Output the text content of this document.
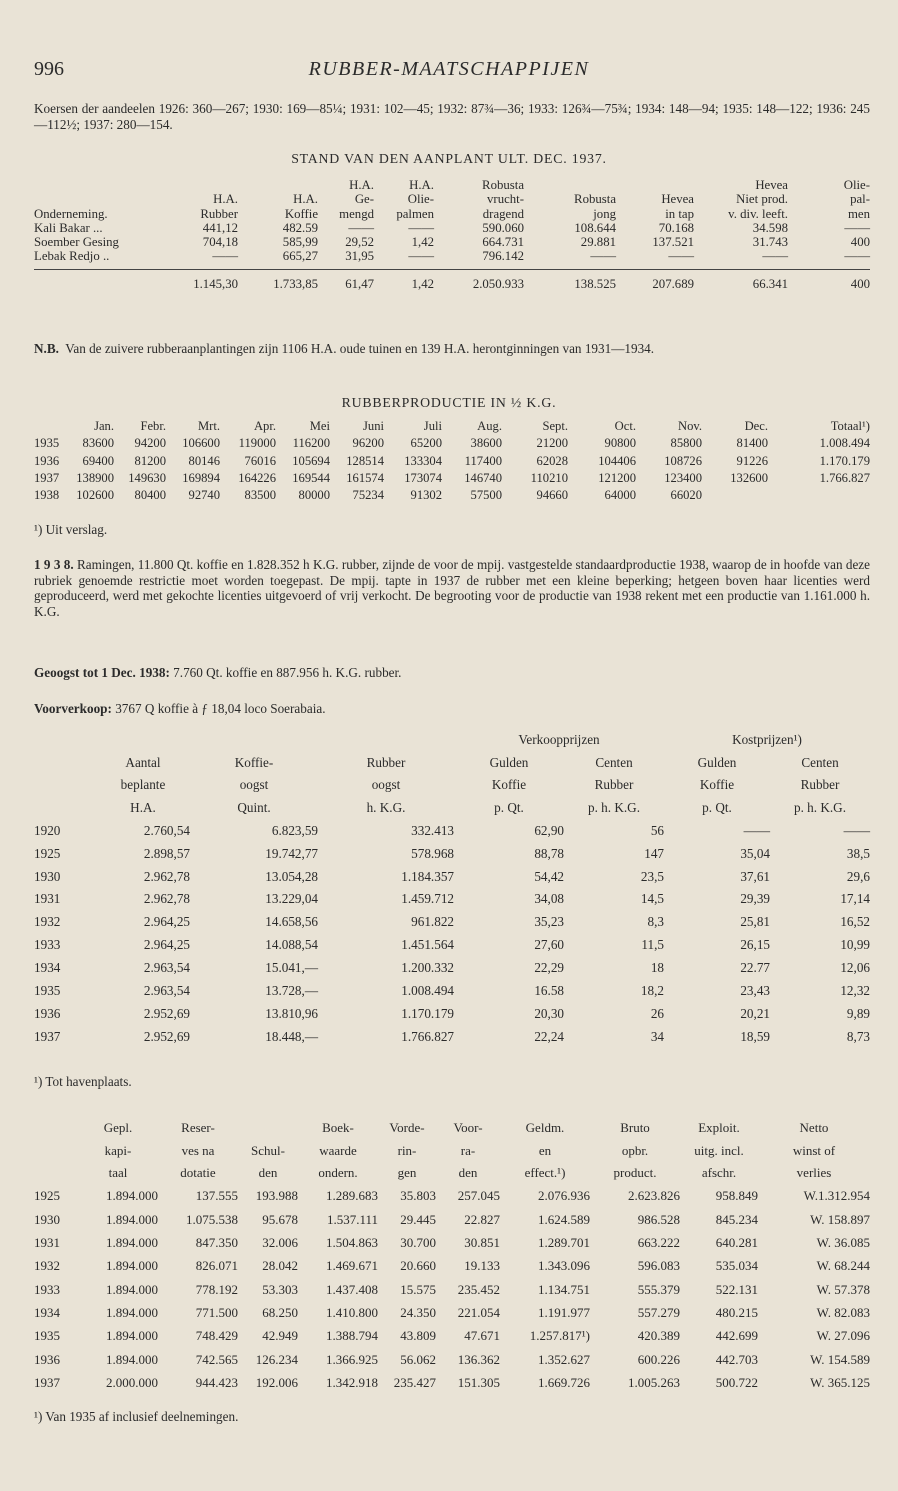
996	RUBBER-MAATSCHAPPIJEN
Koersen der aandeelen 1926: 360—267; 1930: 169—85¼; 1931: 102—45; 1932: 87¾—36; 1933: 126¾—75¾; 1934: 148—94; 1935: 148—122; 1936: 245—112½; 1937: 280—154.
STAND VAN DEN AANPLANT ULT. DEC. 1937.
			H.A.	H.A.	Robusta			Hevea	Olie-
	H.A.	H.A.	Ge-	Olie-	vrucht-	Robusta	Hevea	Niet prod.	pal-
Onderneming.	Rubber	Koffie	mengd	palmen	dragend	jong	in tap	v. div. leeft.	men
Kali Bakar ...	441,12	482.59	——	——	590.060	108.644	70.168	34.598	——
Soember Gesing	704,18	585,99	29,52	1,42	664.731	29.881	137.521	31.743	400
Lebak Redjo ..	——	665,27	31,95	——	796.142	——	——	——	——

	1.145,30	1.733,85	61,47	1,42	2.050.933	138.525	207.689	66.341	400
N.B. Van de zuivere rubberaanplantingen zijn 1106 H.A. oude tuinen en 139 H.A. herontginningen van 1931—1934.
RUBBERPRODUCTIE IN ½ K.G.
	Jan.	Febr.	Mrt.	Apr.	Mei	Juni	Juli	Aug.	Sept.	Oct.	Nov.	Dec.	Totaal¹)
1935	83600	94200	106600	119000	116200	96200	65200	38600	21200	90800	85800	81400	1.008.494
1936	69400	81200	80146	76016	105694	128514	133304	117400	62028	104406	108726	91226	1.170.179
1937	138900	149630	169894	164226	169544	161574	173074	146740	110210	121200	123400	132600	1.766.827
1938	102600	80400	92740	83500	80000	75234	91302	57500	94660	64000	66020		
¹) Uit verslag.
1 9 3 8. Ramingen, 11.800 Qt. koffie en 1.828.352 h K.G. rubber, zijnde de voor de mpij. vastgestelde standaardproductie 1938, waarop de in hoofde van deze rubriek genoemde restrictie moet worden toegepast. De mpij. tapte in 1937 de rubber met een kleine beperking; hetgeen boven haar licenties werd geproduceerd, werd met gekochte licenties uitgevoerd of vrij verkocht. De begrooting voor de productie van 1938 rekent met een productie van 1.161.000 h. K.G.
Geoogst tot 1 Dec. 1938: 7.760 Qt. koffie en 887.956 h. K.G. rubber.
Voorverkoop: 3767 Q koffie à ƒ 18,04 loco Soerabaia.
				Verkoopprijzen		Kostprijzen¹)	
	Aantal	Koffie-	Rubber	Gulden	Centen	Gulden	Centen
	beplante	oogst	oogst	Koffie	Rubber	Koffie	Rubber
	H.A.	Quint.	h. K.G.	p. Qt.	p. h. K.G.	p. Qt.	p. h. K.G.
1920	2.760,54	6.823,59	332.413	62,90	56	——	——
1925	2.898,57	19.742,77	578.968	88,78	147	35,04	38,5
1930	2.962,78	13.054,28	1.184.357	54,42	23,5	37,61	29,6
1931	2.962,78	13.229,04	1.459.712	34,08	14,5	29,39	17,14
1932	2.964,25	14.658,56	961.822	35,23	8,3	25,81	16,52
1933	2.964,25	14.088,54	1.451.564	27,60	11,5	26,15	10,99
1934	2.963,54	15.041,—	1.200.332	22,29	18	22.77	12,06
1935	2.963,54	13.728,—	1.008.494	16.58	18,2	23,43	12,32
1936	2.952,69	13.810,96	1.170.179	20,30	26	20,21	9,89
1937	2.952,69	18.448,—	1.766.827	22,24	34	18,59	8,73
¹) Tot havenplaats.
	Gepl.	Reser-		Boek-	Vorde-	Voor-	Geldm.	Bruto	Exploit.	Netto
	kapi-	ves na	Schul-	waarde	rin-	ra-	en	opbr.	uitg. incl.	winst of
	taal	dotatie	den	ondern.	gen	den	effect.¹)	product.	afschr.	verlies
1925	1.894.000	137.555	193.988	1.289.683	35.803	257.045	2.076.936	2.623.826	958.849	W.1.312.954
1930	1.894.000	1.075.538	95.678	1.537.111	29.445	22.827	1.624.589	986.528	845.234	W. 158.897
1931	1.894.000	847.350	32.006	1.504.863	30.700	30.851	1.289.701	663.222	640.281	W. 36.085
1932	1.894.000	826.071	28.042	1.469.671	20.660	19.133	1.343.096	596.083	535.034	W. 68.244
1933	1.894.000	778.192	53.303	1.437.408	15.575	235.452	1.134.751	555.379	522.131	W. 57.378
1934	1.894.000	771.500	68.250	1.410.800	24.350	221.054	1.191.977	557.279	480.215	W. 82.083
1935	1.894.000	748.429	42.949	1.388.794	43.809	47.671	1.257.817¹)	420.389	442.699	W. 27.096
1936	1.894.000	742.565	126.234	1.366.925	56.062	136.362	1.352.627	600.226	442.703	W. 154.589
1937	2.000.000	944.423	192.006	1.342.918	235.427	151.305	1.669.726	1.005.263	500.722	W. 365.125
¹) Van 1935 af inclusief deelnemingen.
